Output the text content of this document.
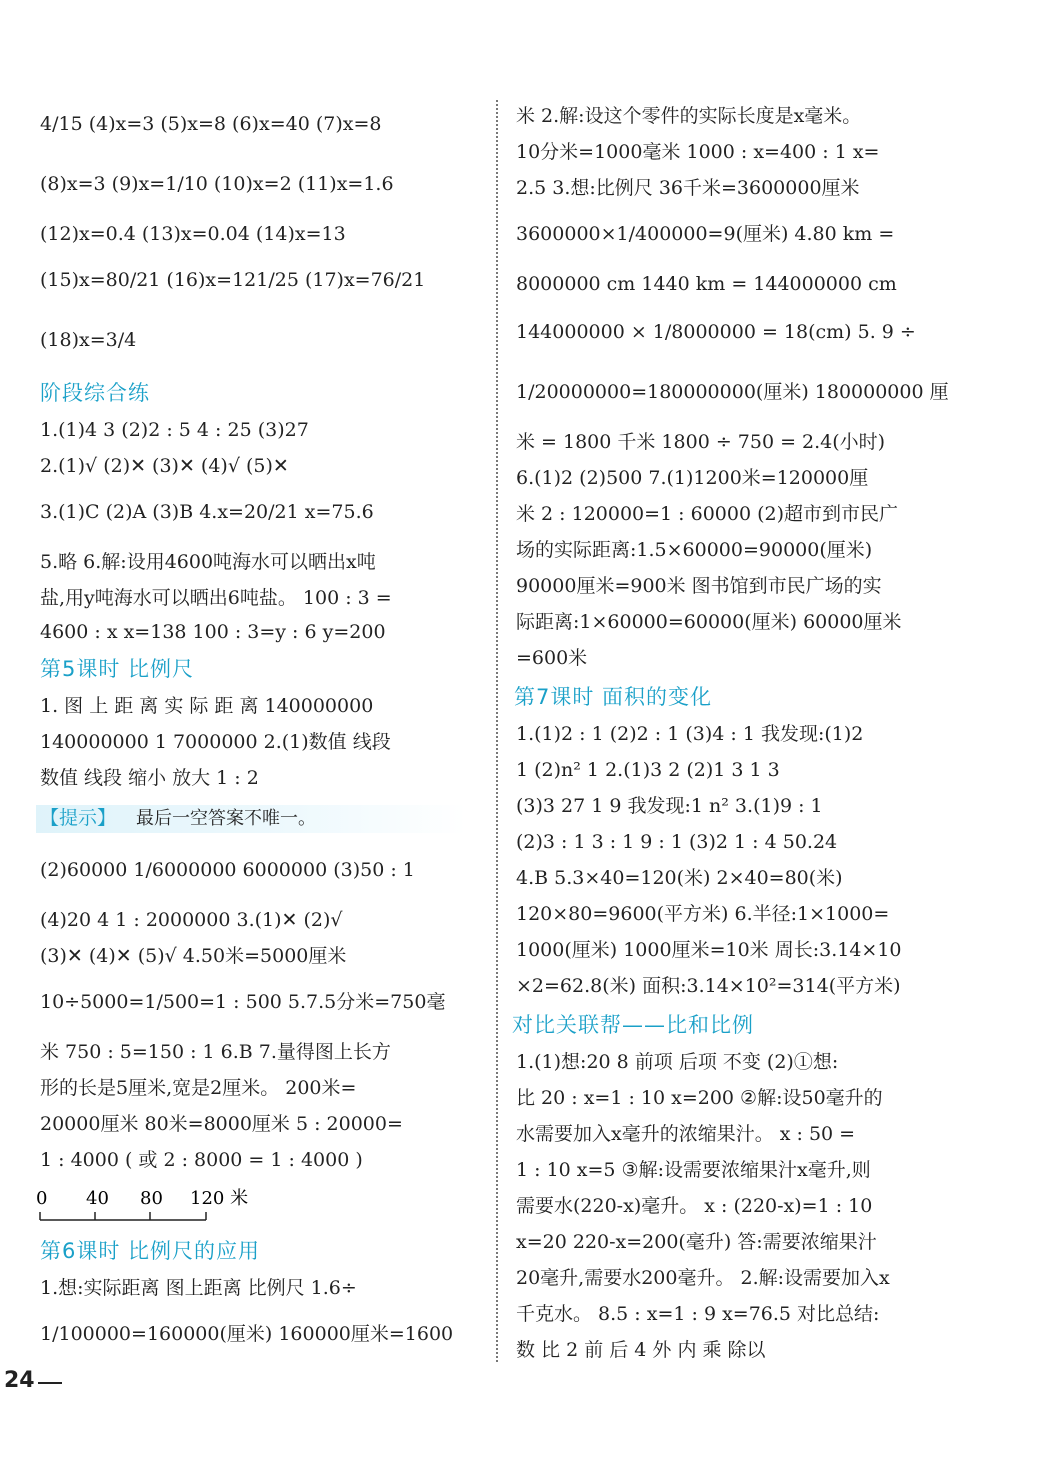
4/15 (4)x=3 (5)x=8 (6)x=40 (7)x=8
(8)x=3 (9)x=1/10 (10)x=2 (11)x=1.6
(12)x=0.4 (13)x=0.04 (14)x=13
(15)x=80/21 (16)x=121/25 (17)x=76/21
(18)x=3/4
阶段综合练
1.(1)4 3 (2)2 : 5 4 : 25 (3)27
2.(1)√ (2)✕ (3)✕ (4)√ (5)✕
3.(1)C (2)A (3)B 4.x=20/21 x=75.6
5.略 6.解:设用4600吨海水可以晒出x吨
盐,用y吨海水可以晒出6吨盐。 100 : 3 =
4600 : x x=138 100 : 3=y : 6 y=200
第5课时 比例尺
1. 图 上 距 离 实 际 距 离 140000000
140000000 1 7000000 2.(1)数值 线段
数值 线段 缩小 放大 1 : 2
【提示】 最后一空答案不唯一。
(2)60000 1/6000000 6000000 (3)50 : 1
(4)20 4 1 : 2000000 3.(1)✕ (2)√
(3)✕ (4)✕ (5)√ 4.50米=5000厘米
10÷5000=1/500=1 : 500 5.7.5分米=750毫
米 750 : 5=150 : 1 6.B 7.量得图上长方
形的长是5厘米,宽是2厘米。 200米=
20000厘米 80米=8000厘米 5 : 20000=
1 : 4000 ( 或 2 : 8000 = 1 : 4000 )
0 40 80 120 米
第6课时 比例尺的应用
1.想:实际距离 图上距离 比例尺 1.6÷
1/100000=160000(厘米) 160000厘米=1600
米 2.解:设这个零件的实际长度是x毫米。
10分米=1000毫米 1000 : x=400 : 1 x=
2.5 3.想:比例尺 36千米=3600000厘米
3600000×1/400000=9(厘米) 4.80 km =
8000000 cm 1440 km = 144000000 cm
144000000 × 1/8000000 = 18(cm) 5. 9 ÷
1/20000000=180000000(厘米) 180000000 厘
米 = 1800 千米 1800 ÷ 750 = 2.4(小时)
6.(1)2 (2)500 7.(1)1200米=120000厘
米 2 : 120000=1 : 60000 (2)超市到市民广
场的实际距离:1.5×60000=90000(厘米)
90000厘米=900米 图书馆到市民广场的实
际距离:1×60000=60000(厘米) 60000厘米
=600米
第7课时 面积的变化
1.(1)2 : 1 (2)2 : 1 (3)4 : 1 我发现:(1)2
1 (2)n² 1 2.(1)3 2 (2)1 3 1 3
(3)3 27 1 9 我发现:1 n² 3.(1)9 : 1
(2)3 : 1 3 : 1 9 : 1 (3)2 1 : 4 50.24
4.B 5.3×40=120(米) 2×40=80(米)
120×80=9600(平方米) 6.半径:1×1000=
1000(厘米) 1000厘米=10米 周长:3.14×10
×2=62.8(米) 面积:3.14×10²=314(平方米)
对比关联帮——比和比例
1.(1)想:20 8 前项 后项 不变 (2)①想:
比 20 : x=1 : 10 x=200 ②解:设50毫升的
水需要加入x毫升的浓缩果汁。 x : 50 =
1 : 10 x=5 ③解:设需要浓缩果汁x毫升,则
需要水(220-x)毫升。 x : (220-x)=1 : 10
x=20 220-x=200(毫升) 答:需要浓缩果汁
20毫升,需要水200毫升。 2.解:设需要加入x
千克水。 8.5 : x=1 : 9 x=76.5 对比总结:
数 比 2 前 后 4 外 内 乘 除以
24
